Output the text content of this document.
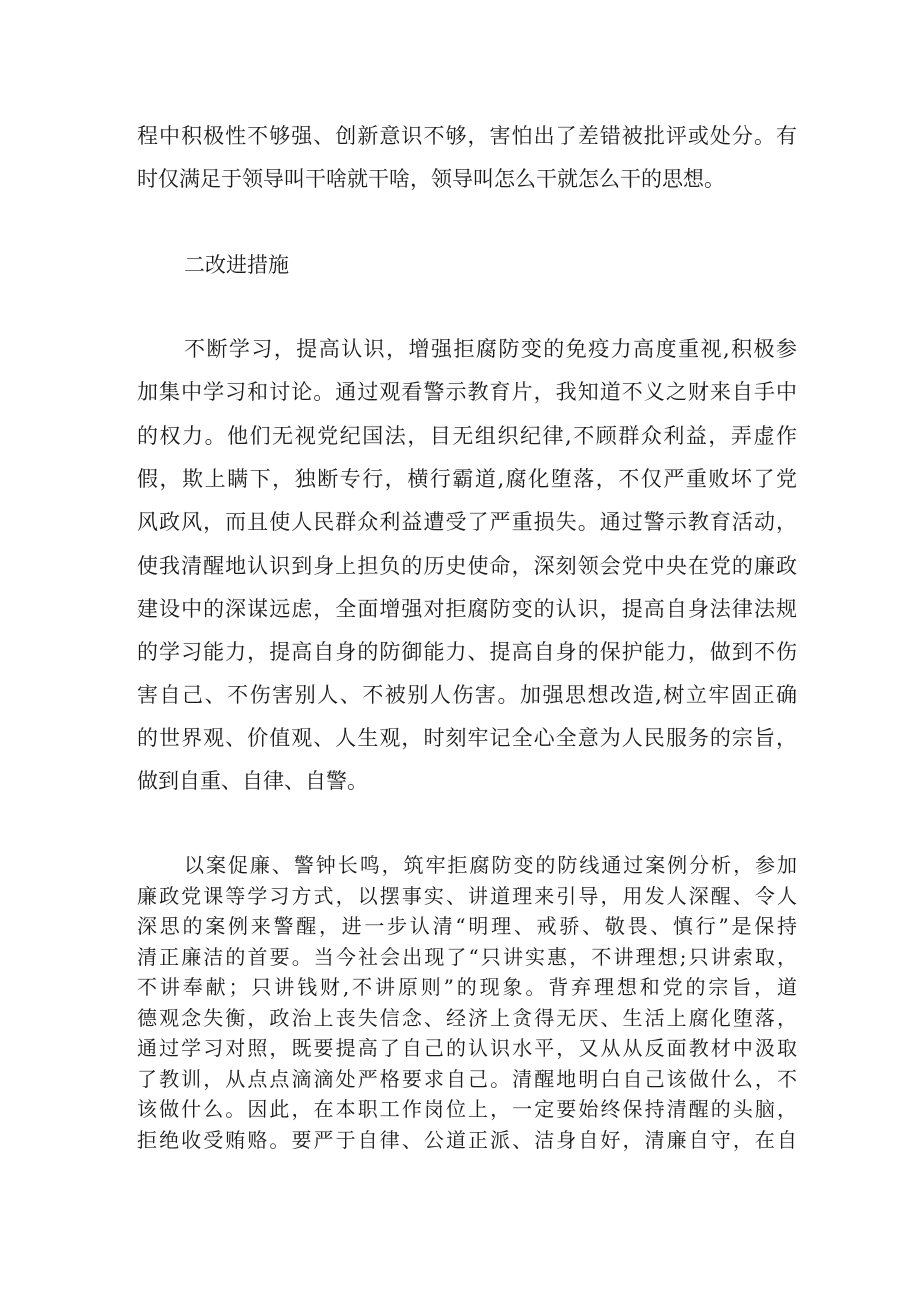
程中积极性不够强、创新意识不够，害怕出了差错被批评或处分。有

时仅满足于领导叫干啥就干啥，领导叫怎么干就怎么干的思想。

二改进措施

不断学习，提高认识，增强拒腐防变的免疫力高度重视,积极参

加集中学习和讨论。通过观看警示教育片，我知道不义之财来自手中

的权力。他们无视党纪国法，目无组织纪律,不顾群众利益，弄虚作

假，欺上瞒下，独断专行，横行霸道,腐化堕落，不仅严重败坏了党

风政风，而且使人民群众利益遭受了严重损失。通过警示教育活动，

使我清醒地认识到身上担负的历史使命，深刻领会党中央在党的廉政

建设中的深谋远虑，全面增强对拒腐防变的认识，提高自身法律法规

的学习能力，提高自身的防御能力、提高自身的保护能力，做到不伤

害自己、不伤害别人、不被别人伤害。加强思想改造,树立牢固正确

的世界观、价值观、人生观，时刻牢记全心全意为人民服务的宗旨，

做到自重、自律、自警。

以案促廉、警钟长鸣，筑牢拒腐防变的防线通过案例分析，参加

廉政党课等学习方式，以摆事实、讲道理来引导，用发人深醒、令人

深思的案例来警醒，进一步认清“明理、戒骄、敬畏、慎行”是保持

清正廉洁的首要。当今社会出现了“只讲实惠，不讲理想;只讲索取，

不讲奉献；只讲钱财,不讲原则”的现象。背弃理想和党的宗旨，道

德观念失衡，政治上丧失信念、经济上贪得无厌、生活上腐化堕落，

通过学习对照，既要提高了自己的认识水平，又从从反面教材中汲取

了教训，从点点滴滴处严格要求自己。清醒地明白自己该做什么，不

该做什么。因此，在本职工作岗位上，一定要始终保持清醒的头脑，

拒绝收受贿赂。要严于自律、公道正派、洁身自好，清廉自守，在自
